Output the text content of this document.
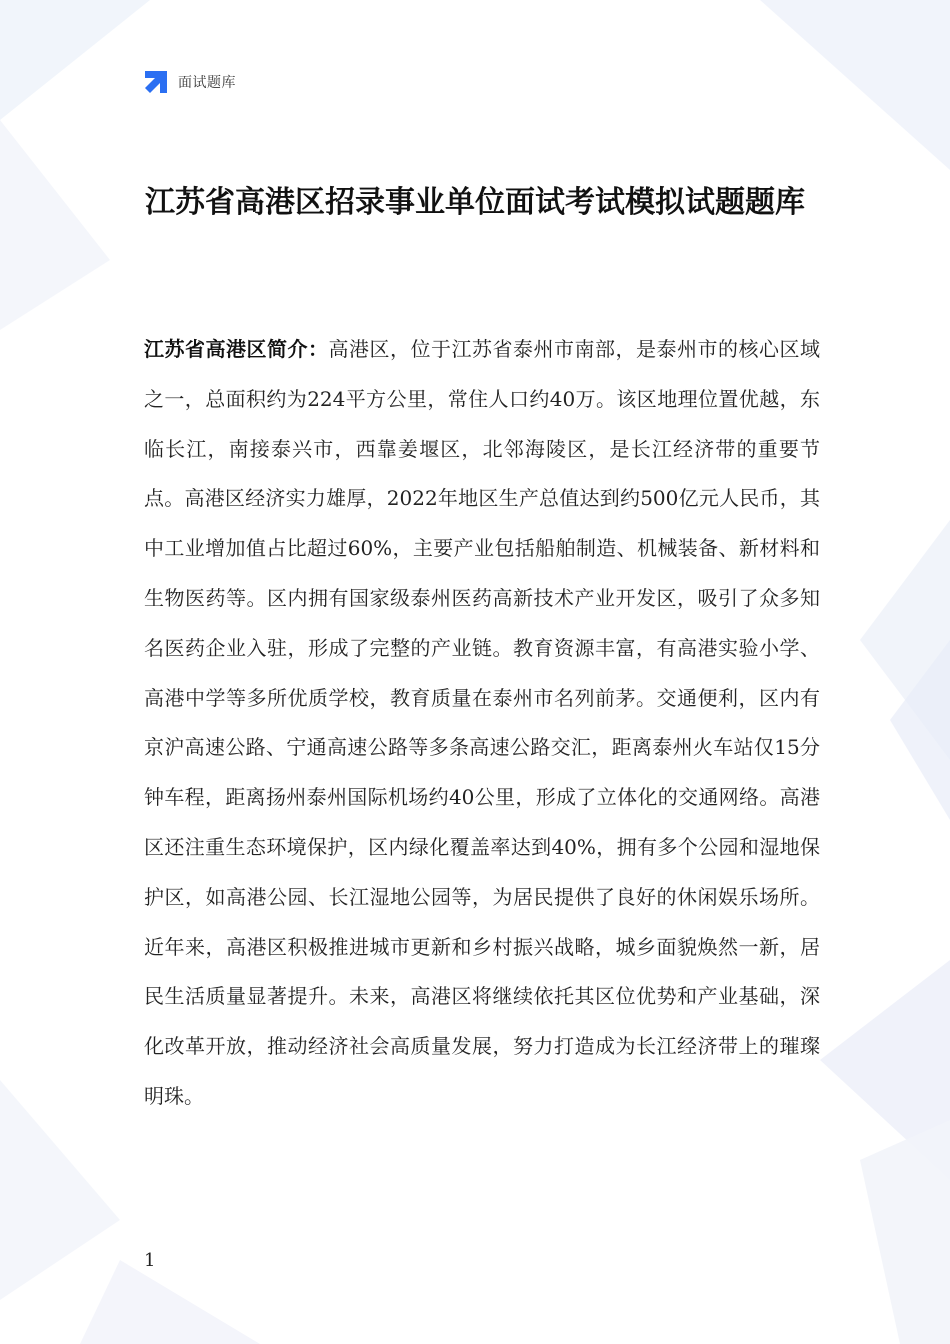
面试题库
江苏省高港区招录事业单位面试考试模拟试题题库

江苏省高港区简介：高港区，位于江苏省泰州市南部，是泰州市的核心区域之一，总面积约为224平方公里，常住人口约40万。该区地理位置优越，东临长江，南接泰兴市，西靠姜堰区，北邻海陵区，是长江经济带的重要节点。高港区经济实力雄厚，2022年地区生产总值达到约500亿元人民币，其中工业增加值占比超过60%，主要产业包括船舶制造、机械装备、新材料和生物医药等。区内拥有国家级泰州医药高新技术产业开发区，吸引了众多知名医药企业入驻，形成了完整的产业链。教育资源丰富，有高港实验小学、高港中学等多所优质学校，教育质量在泰州市名列前茅。交通便利，区内有京沪高速公路、宁通高速公路等多条高速公路交汇，距离泰州火车站仅15分钟车程，距离扬州泰州国际机场约40公里，形成了立体化的交通网络。高港区还注重生态环境保护，区内绿化覆盖率达到40%，拥有多个公园和湿地保护区，如高港公园、长江湿地公园等，为居民提供了良好的休闲娱乐场所。近年来，高港区积极推进城市更新和乡村振兴战略，城乡面貌焕然一新，居民生活质量显著提升。未来，高港区将继续依托其区位优势和产业基础，深化改革开放，推动经济社会高质量发展，努力打造成为长江经济带上的璀璨明珠。

1
